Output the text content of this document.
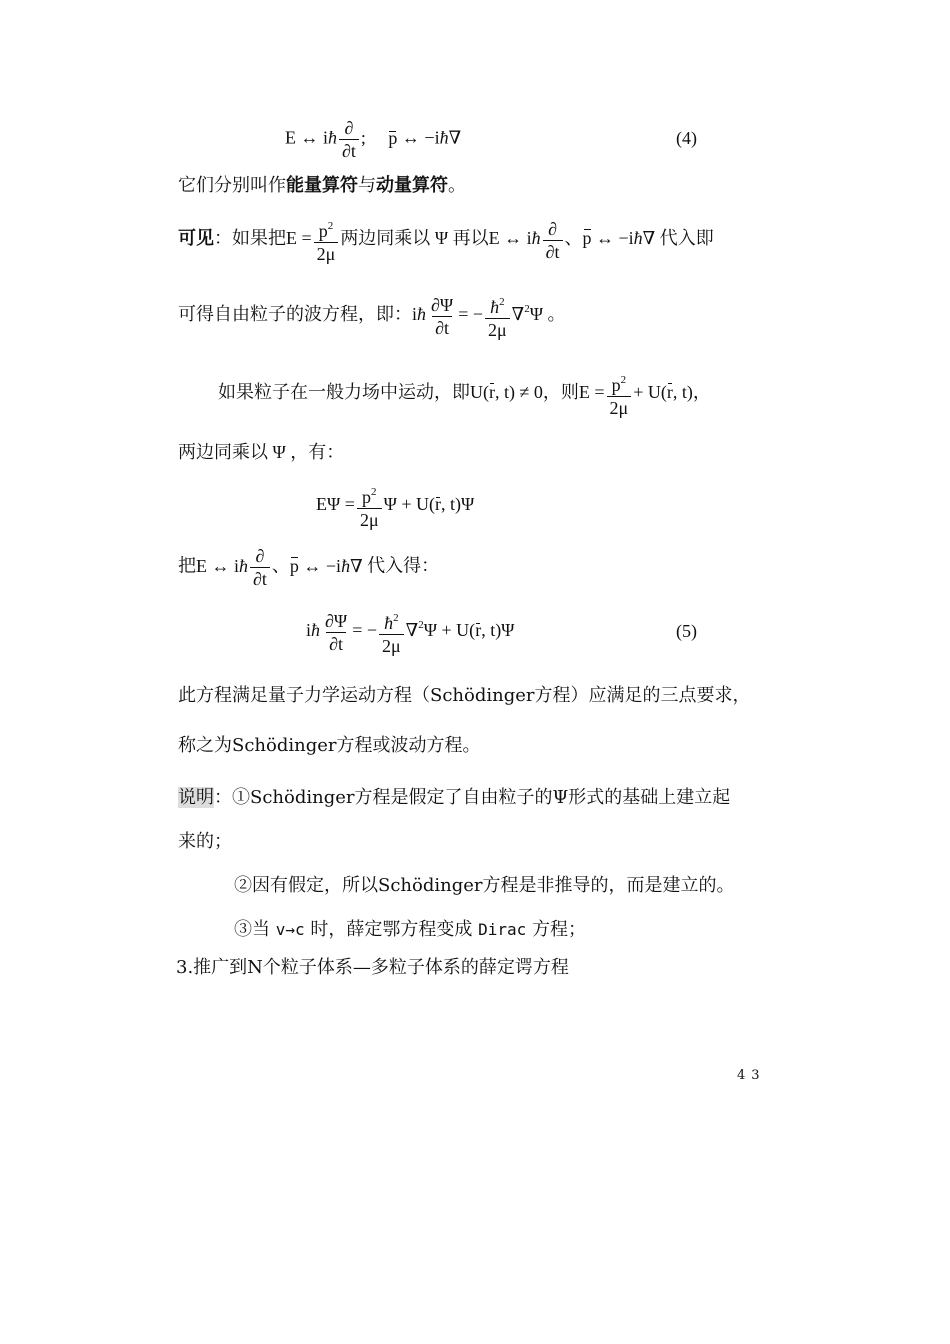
E ↔ iħ $\frac{\partial}{\partial t}$ ;     p ↔ −iħ∇	(4)
它们分别叫作能量算符与动量算符。
可见：如果把$E = \frac{p^2}{2\mu}$ 两边同乘以 Ψ 再以E ↔ iħ $\frac{\partial}{\partial t}$ 、p ↔ −iħ∇ 代入即
可得自由粒子的波方程，即：iħ $\frac{\partial\Psi}{\partial t}$ = − $\frac{ħ^2}{2\mu} \nabla^2\Psi$ 。
如果粒子在一般力场中运动，即U(r, t) ≠ 0，则$E = \frac{p^2}{2\mu} + U(r$, t)，
两边同乘以 Ψ ，有：
$E\Psi = \frac{p^2}{2\mu}$ Ψ + U(r, t)Ψ
把E ↔ iħ $\frac{\partial}{\partial t}$ 、p ↔ −iħ∇ 代入得：
iħ $\frac{\partial\Psi}{\partial t}$ = − $\frac{ħ^2}{2\mu} \nabla^2\Psi + U(r$, t)Ψ	(5)
此方程满足量子力学运动方程（Schödinger方程）应满足的三点要求，
称之为Schödinger方程或波动方程。
说明：①Schödinger方程是假定了自由粒子的Ψ形式的基础上建立起
来的；
②因有假定，所以Schödinger方程是非推导的，而是建立的。
③当 v→c 时，薛定鄂方程变成 Dirac 方程；
3.推广到N个粒子体系—多粒子体系的薛定谔方程
43
